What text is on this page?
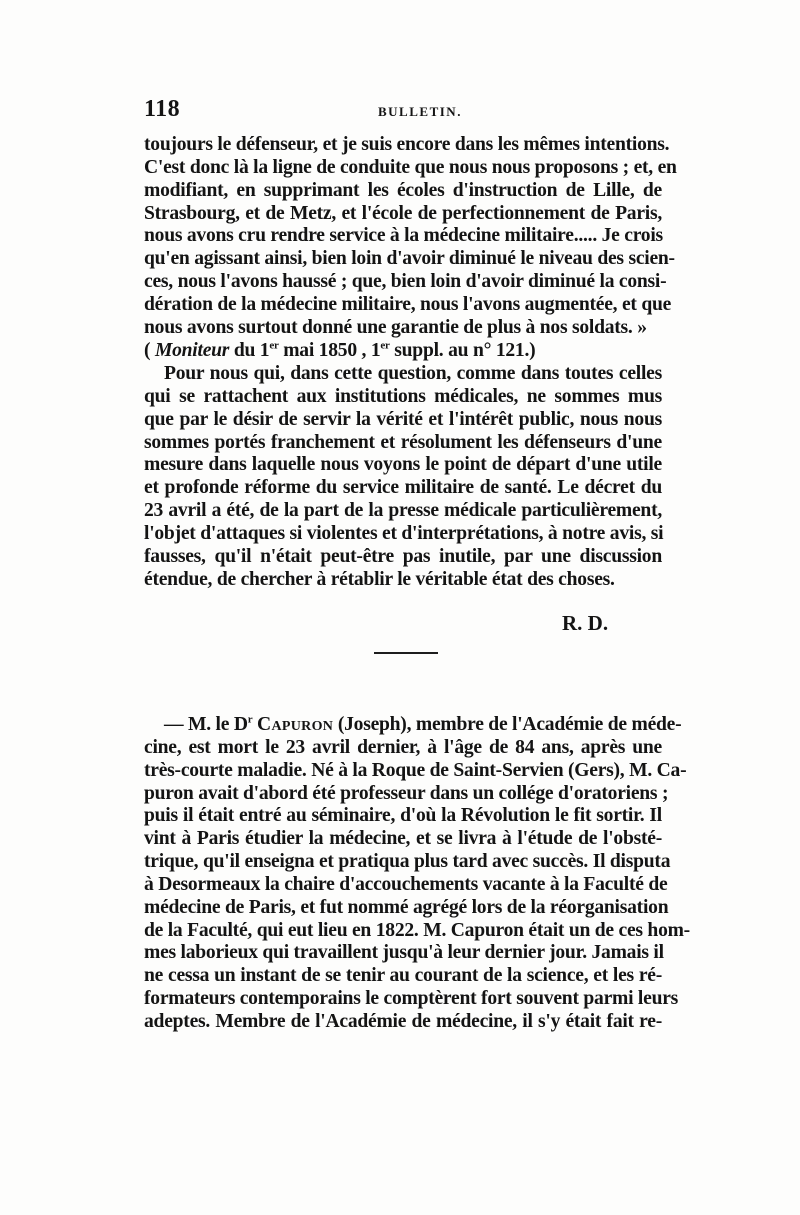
118	BULLETIN.
toujours le défenseur, et je suis encore dans les mêmes intentions.
C'est donc là la ligne de conduite que nous nous proposons ; et, en
modifiant, en supprimant les écoles d'instruction de Lille, de
Strasbourg, et de Metz, et l'école de perfectionnement de Paris,
nous avons cru rendre service à la médecine militaire..... Je crois
qu'en agissant ainsi, bien loin d'avoir diminué le niveau des scien-
ces, nous l'avons haussé ; que, bien loin d'avoir diminué la consi-
dération de la médecine militaire, nous l'avons augmentée, et que
nous avons surtout donné une garantie de plus à nos soldats. »
( Moniteur du 1er mai 1850 , 1er suppl. au n° 121.)
Pour nous qui, dans cette question, comme dans toutes celles
qui se rattachent aux institutions médicales, ne sommes mus
que par le désir de servir la vérité et l'intérêt public, nous nous
sommes portés franchement et résolument les défenseurs d'une
mesure dans laquelle nous voyons le point de départ d'une utile
et profonde réforme du service militaire de santé. Le décret du
23 avril a été, de la part de la presse médicale particulièrement,
l'objet d'attaques si violentes et d'interprétations, à notre avis, si
fausses, qu'il n'était peut-être pas inutile, par une discussion
étendue, de chercher à rétablir le véritable état des choses.
R. D.
— M. le $D^r$ Capuron (Joseph), membre de l'Académie de méde-
cine, est mort le 23 avril dernier, à l'âge de 84 ans, après une
très-courte maladie. Né à la Roque de Saint-Servien (Gers), M. Ca-
puron avait d'abord été professeur dans un collége d'oratoriens ;
puis il était entré au séminaire, d'où la Révolution le fit sortir. Il
vint à Paris étudier la médecine, et se livra à l'étude de l'obsté-
trique, qu'il enseigna et pratiqua plus tard avec succès. Il disputa
à Desormeaux la chaire d'accouchements vacante à la Faculté de
médecine de Paris, et fut nommé agrégé lors de la réorganisation
de la Faculté, qui eut lieu en 1822. M. Capuron était un de ces hom-
mes laborieux qui travaillent jusqu'à leur dernier jour. Jamais il
ne cessa un instant de se tenir au courant de la science, et les ré-
formateurs contemporains le comptèrent fort souvent parmi leurs
adeptes. Membre de l'Académie de médecine, il s'y était fait re-
